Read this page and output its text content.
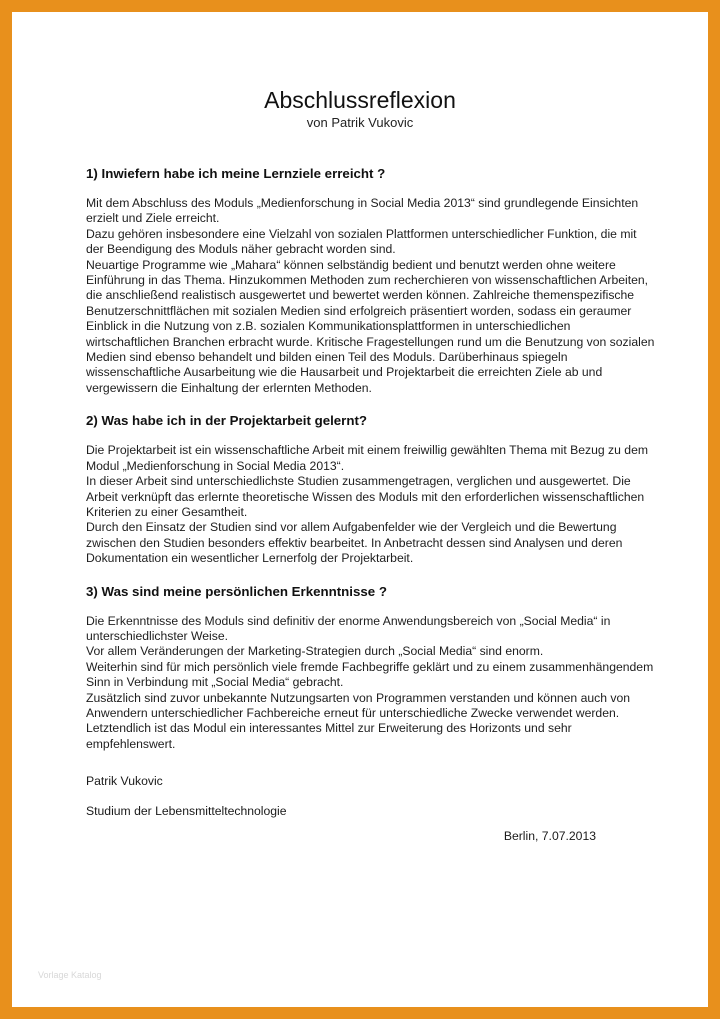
Abschlussreflexion
von Patrik Vukovic

1) Inwiefern habe ich meine Lernziele erreicht ?

Mit dem Abschluss des Moduls „Medienforschung in Social Media 2013“ sind grundlegende Einsichten erzielt und Ziele erreicht.

Dazu gehören insbesondere eine Vielzahl von sozialen Plattformen unterschiedlicher Funktion, die mit der Beendigung des Moduls näher gebracht worden sind.

Neuartige Programme wie „Mahara“ können selbständig bedient und benutzt werden ohne weitere Einführung in das Thema. Hinzukommen Methoden zum recherchieren von wissenschaftlichen Arbeiten, die anschließend realistisch ausgewertet und bewertet werden können. Zahlreiche themenspezifische Benutzerschnittflächen mit sozialen Medien sind erfolgreich präsentiert worden, sodass ein geraumer Einblick in die Nutzung von z.B. sozialen Kommunikationsplattformen in unterschiedlichen wirtschaftlichen Branchen erbracht wurde. Kritische Fragestellungen rund um die Benutzung von sozialen Medien sind ebenso behandelt und bilden einen Teil des Moduls. Darüberhinaus spiegeln wissenschaftliche Ausarbeitung wie die Hausarbeit und Projektarbeit die erreichten Ziele ab und vergewissern die Einhaltung der erlernten Methoden.

2) Was habe ich in der Projektarbeit gelernt?

Die Projektarbeit ist ein wissenschaftliche Arbeit mit einem freiwillig gewählten Thema mit Bezug zu dem Modul „Medienforschung in Social Media 2013“.

In dieser Arbeit sind unterschiedlichste Studien zusammengetragen, verglichen und ausgewertet. Die Arbeit verknüpft das erlernte theoretische Wissen des Moduls mit den erforderlichen wissenschaftlichen Kriterien zu einer Gesamtheit.

Durch den Einsatz der Studien sind vor allem Aufgabenfelder wie der Vergleich und die Bewertung zwischen den Studien besonders effektiv bearbeitet. In Anbetracht dessen sind Analysen und deren Dokumentation ein wesentlicher Lernerfolg der Projektarbeit.

3) Was sind meine persönlichen Erkenntnisse ?

Die Erkenntnisse des Moduls sind definitiv der enorme Anwendungsbereich von „Social Media“ in unterschiedlichster Weise.

Vor allem Veränderungen der Marketing-Strategien durch „Social Media“ sind enorm.

Weiterhin sind für mich persönlich viele fremde Fachbegriffe geklärt und zu einem zusammenhängendem Sinn in Verbindung mit „Social Media“ gebracht.

Zusätzlich sind zuvor unbekannte Nutzungsarten von Programmen verstanden und können auch von Anwendern unterschiedlicher Fachbereiche erneut für unterschiedliche Zwecke verwendet werden. Letztendlich ist das Modul ein interessantes Mittel zur Erweiterung des Horizonts und sehr empfehlenswert.

Patrik Vukovic

Studium der Lebensmitteltechnologie

Berlin, 7.07.2013

Vorlage Katalog
